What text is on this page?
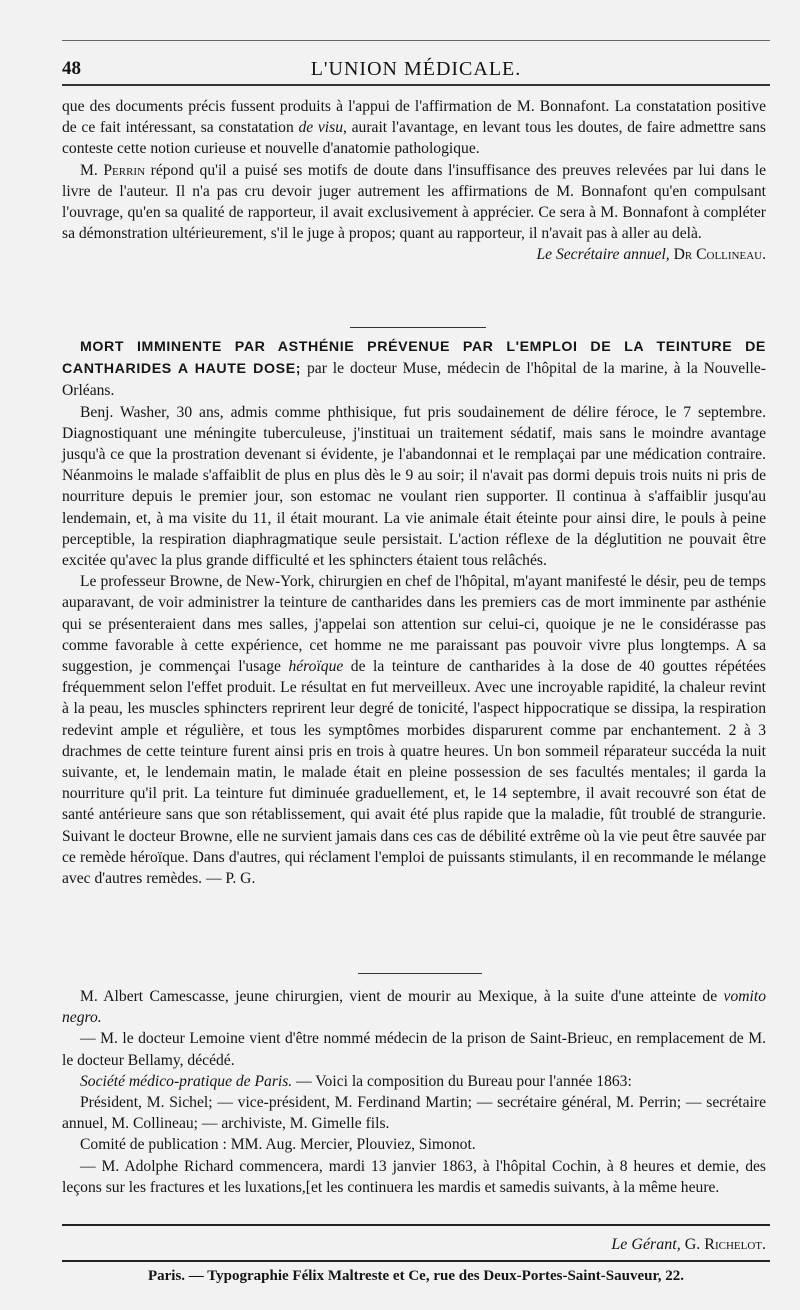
48	L'UNION MÉDICALE.

que des documents précis fussent produits à l'appui de l'affirmation de M. Bonnafont. La constatation positive de ce fait intéressant, sa constatation de visu, aurait l'avantage, en levant tous les doutes, de faire admettre sans conteste cette notion curieuse et nouvelle d'anatomie pathologique.

M. Perrin répond qu'il a puisé ses motifs de doute dans l'insuffisance des preuves relevées par lui dans le livre de l'auteur. Il n'a pas cru devoir juger autrement les affirmations de M. Bonnafont qu'en compulsant l'ouvrage, qu'en sa qualité de rapporteur, il avait exclusivement à apprécier. Ce sera à M. Bonnafont à compléter sa démonstration ultérieurement, s'il le juge à propos; quant au rapporteur, il n'avait pas à aller au delà.

Le Secrétaire annuel, Dr Collineau.

MORT IMMINENTE PAR ASTHÉNIE PRÉVENUE PAR L'EMPLOI DE LA TEINTURE DE CANTHARIDES A HAUTE DOSE; par le docteur Muse, médecin de l'hôpital de la marine, à la Nouvelle-Orléans.

Benj. Washer, 30 ans, admis comme phthisique, fut pris soudainement de délire féroce, le 7 septembre. Diagnostiquant une méningite tuberculeuse, j'instituai un traitement sédatif, mais sans le moindre avantage jusqu'à ce que la prostration devenant si évidente, je l'abandonnai et le remplaçai par une médication contraire. Néanmoins le malade s'affaiblit de plus en plus dès le 9 au soir; il n'avait pas dormi depuis trois nuits ni pris de nourriture depuis le premier jour, son estomac ne voulant rien supporter. Il continua à s'affaiblir jusqu'au lendemain, et, à ma visite du 11, il était mourant. La vie animale était éteinte pour ainsi dire, le pouls à peine perceptible, la respiration diaphragmatique seule persistait. L'action réflexe de la déglutition ne pouvait être excitée qu'avec la plus grande difficulté et les sphincters étaient tous relâchés.

Le professeur Browne, de New-York, chirurgien en chef de l'hôpital, m'ayant manifesté le désir, peu de temps auparavant, de voir administrer la teinture de cantharides dans les premiers cas de mort imminente par asthénie qui se présenteraient dans mes salles, j'appelai son attention sur celui-ci, quoique je ne le considérasse pas comme favorable à cette expérience, cet homme ne me paraissant pas pouvoir vivre plus longtemps. A sa suggestion, je commençai l'usage héroïque de la teinture de cantharides à la dose de 40 gouttes répétées fréquemment selon l'effet produit. Le résultat en fut merveilleux. Avec une incroyable rapidité, la chaleur revint à la peau, les muscles sphincters reprirent leur degré de tonicité, l'aspect hippocratique se dissipa, la respiration redevint ample et régulière, et tous les symptômes morbides disparurent comme par enchantement. 2 à 3 drachmes de cette teinture furent ainsi pris en trois à quatre heures. Un bon sommeil réparateur succéda la nuit suivante, et, le lendemain matin, le malade était en pleine possession de ses facultés mentales; il garda la nourriture qu'il prit. La teinture fut diminuée graduellement, et, le 14 septembre, il avait recouvré son état de santé antérieure sans que son rétablissement, qui avait été plus rapide que la maladie, fût troublé de strangurie. Suivant le docteur Browne, elle ne survient jamais dans ces cas de débilité extrême où la vie peut être sauvée par ce remède héroïque. Dans d'autres, qui réclament l'emploi de puissants stimulants, il en recommande le mélange avec d'autres remèdes. — P. G.

M. Albert Camescasse, jeune chirurgien, vient de mourir au Mexique, à la suite d'une atteinte de vomito negro.

— M. le docteur Lemoine vient d'être nommé médecin de la prison de Saint-Brieuc, en remplacement de M. le docteur Bellamy, décédé.

Société médico-pratique de Paris. — Voici la composition du Bureau pour l'année 1863:

Président, M. Sichel; — vice-président, M. Ferdinand Martin; — secrétaire général, M. Perrin; — secrétaire annuel, M. Collineau; — archiviste, M. Gimelle fils.

Comité de publication : MM. Aug. Mercier, Plouviez, Simonot.

— M. Adolphe Richard commencera, mardi 13 janvier 1863, à l'hôpital Cochin, à 8 heures et demie, des leçons sur les fractures et les luxations,[et les continuera les mardis et samedis suivants, à la même heure.

Le Gérant, G. Richelot.
Paris. — Typographie Félix Maltreste et Ce, rue des Deux-Portes-Saint-Sauveur, 22.
